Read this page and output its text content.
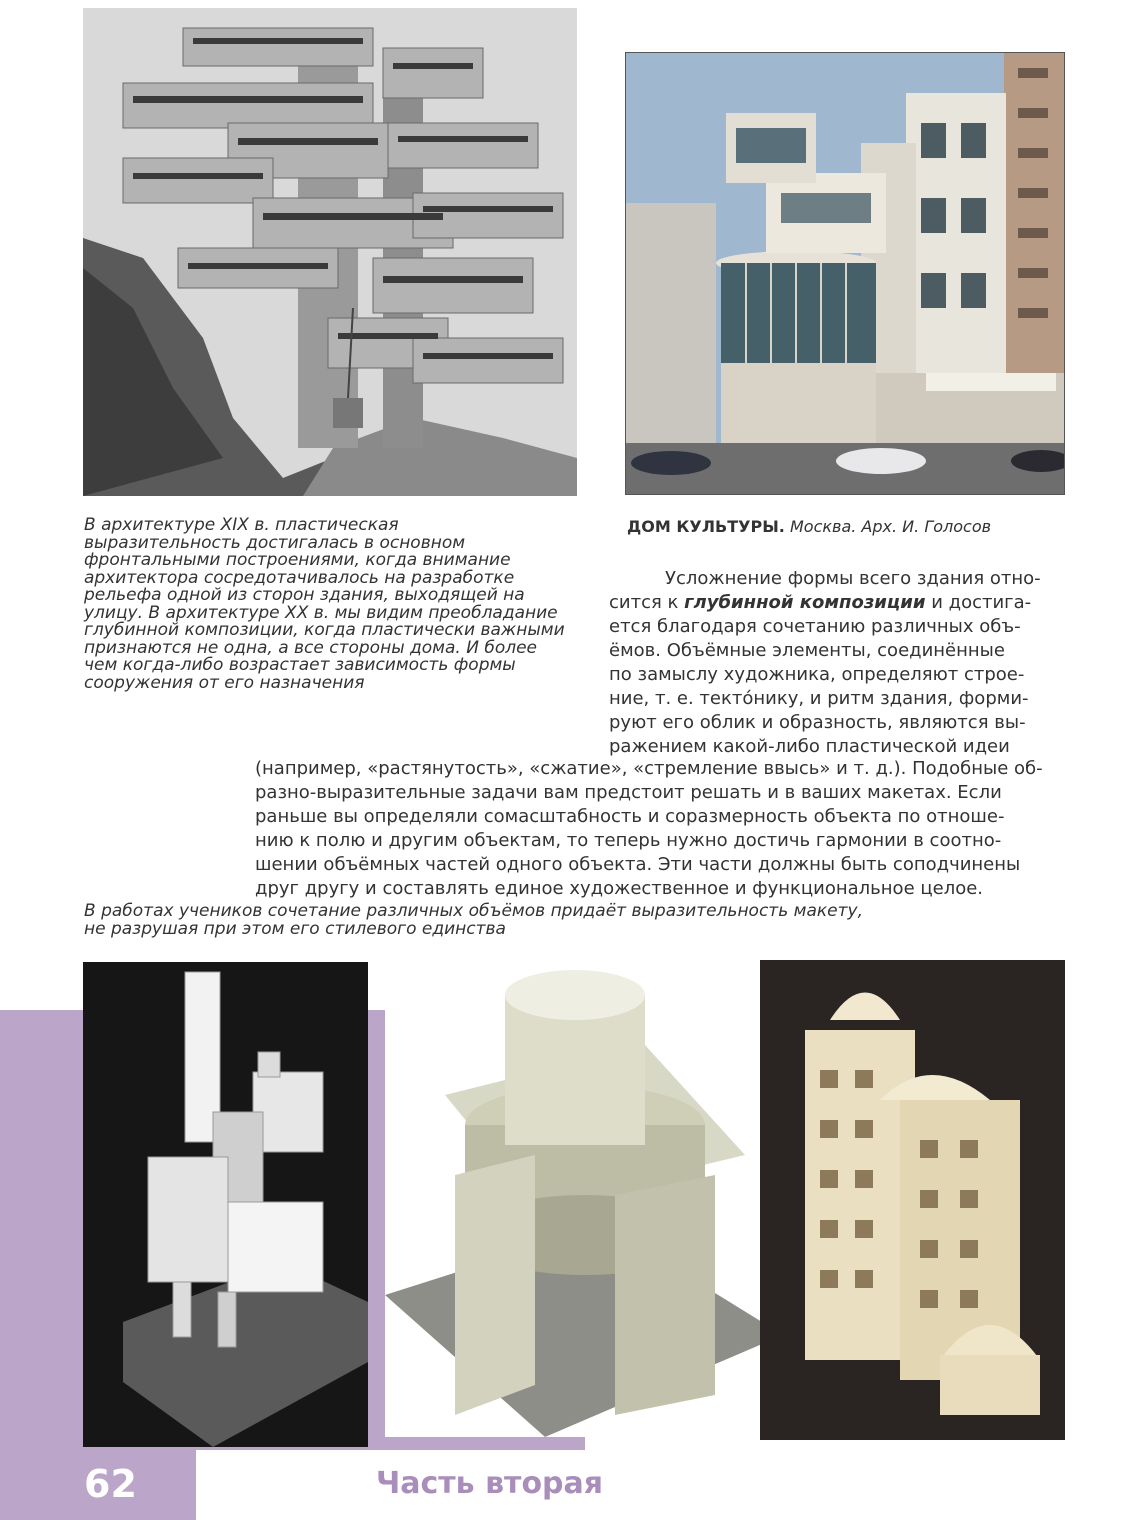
В архитектуре XIX в. пластическая

выразительность достигалась в основном

фронтальными построениями, когда внимание

архитектора сосредотачивалось на разработке

рельефа одной из сторон здания, выходящей на

улицу. В архитектуре XX в. мы видим преобладание

глубинной композиции, когда пластически важными

признаются не одна, а все стороны дома. И более

чем когда-либо возрастает зависимость формы

сооружения от его назначения

ДОМ КУЛЬТУРЫ. Москва. Арх. И. Голосов

Усложнение формы всего здания отно-

сится к глубинной композиции и достига-

ется благодаря сочетанию различных объ-

ёмов. Объёмные элементы, соединённые

по замыслу художника, определяют строе-

ние, т. е. тектóнику, и ритм здания, форми-

руют его облик и образность, являются вы-

ражением какой-либо пластической идеи

(например, «растянутость», «сжатие», «стремление ввысь» и т. д.). Подобные об-

разно-выразительные задачи вам предстоит решать и в ваших макетах. Если

раньше вы определяли сомасштабность и соразмерность объекта по отноше-

нию к полю и другим объектам, то теперь нужно достичь гармонии в соотно-

шении объёмных частей одного объекта. Эти части должны быть соподчинены

друг другу и составлять единое художественное и функциональное целое.

В работах учеников сочетание различных объёмов придаёт выразительность макету,

не разрушая при этом его стилевого единства

62	Часть вторая
